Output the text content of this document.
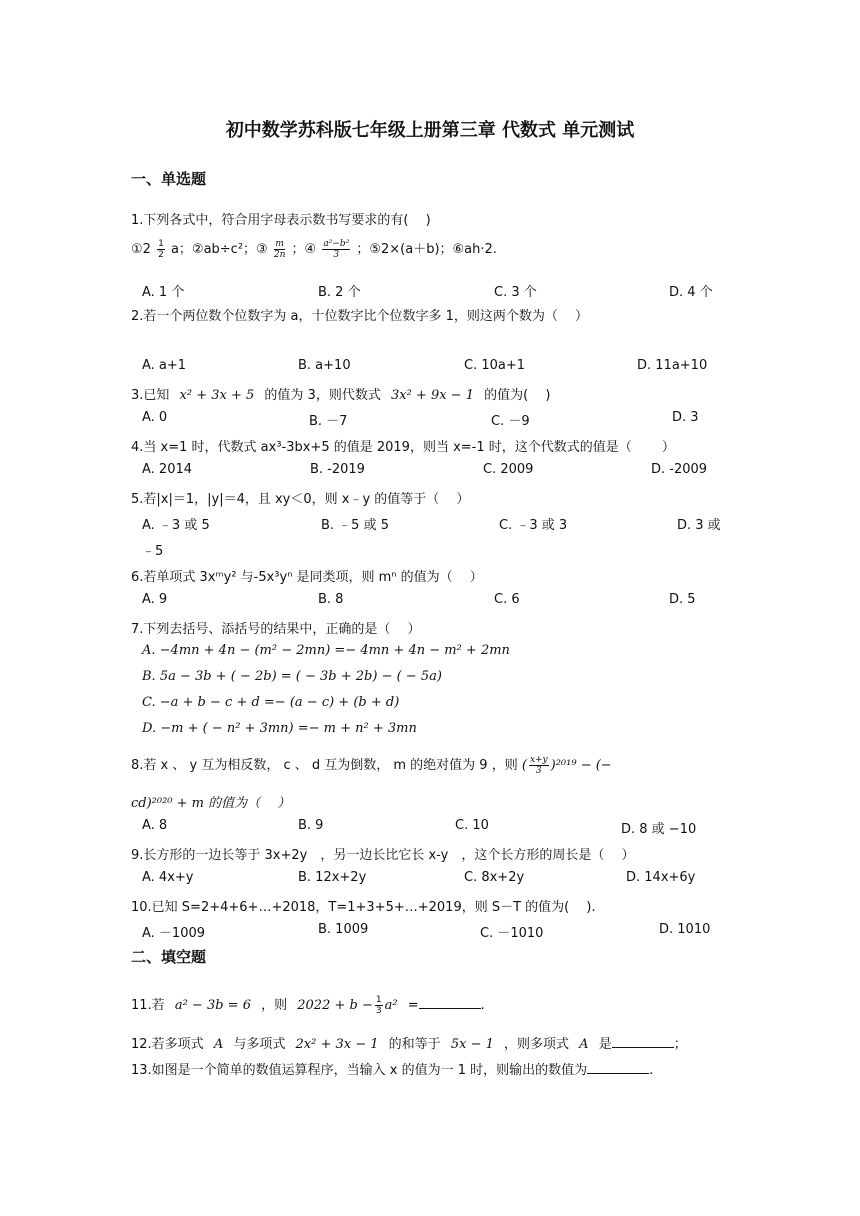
初中数学苏科版七年级上册第三章 代数式 单元测试
一、单选题
1.下列各式中，符合用字母表示数书写要求的有(　 )
①2 $\frac{1}{2}$ a；②ab÷c²；③ $\frac{m}{2n}$ ；④ $\frac{\text{a²−b²}}{3}$ ；⑤2×(a＋b)；⑥ah·2.
A. 1 个	B. 2 个	C. 3 个	D. 4 个
2.若一个两位数个位数字为 a，十位数字比个位数字多 1，则这两个数为（　 ）
A. a+1	B. a+10	C. 10a+1	D. 11a+10
3.已知 x² + 3x + 5 的值为 3，则代数式 3x² + 9x − 1 的值为(　 )
A. 0	B. －7	C. －9	D. 3
4.当 x=1 时，代数式 ax³-3bx+5 的值是 2019，则当 x=-1 时，这个代数式的值是（　　 ）
A. 2014	B. -2019	C. 2009	D. -2009
5.若|x|＝1，|y|＝4，且 xy＜0，则 x﹣y 的值等于（　 ）
A. ﹣3 或 5	B. ﹣5 或 5	C. ﹣3 或 3	D. 3 或
﹣5
6.若单项式 3xᵐy² 与-5x³yⁿ 是同类项，则 mⁿ 的值为（　 ）
A. 9	B. 8	C. 6	D. 5
7.下列去括号、添括号的结果中，正确的是（　 ）
A. −4mn + 4n − (m² − 2mn) =− 4mn + 4n − m² + 2mn
B. 5a − 3b + ( − 2b) = ( − 3b + 2b) − ( − 5a)
C. −a + b − c + d =− (a − c) + (b + d)
D. −m + ( − n² + 3mn) =− m + n² + 3mn
8.若 x 、 y 互为相反数， c 、 d 互为倒数， m 的绝对值为 9 ，则 ( $\frac{x+y}{3} )^{2019}$ − (−
cd)²⁰²⁰ + m 的值为（　 ）
A. 8	B. 9	C. 10	D. 8 或 −10
9.长方形的一边长等于 3x+2y　，另一边长比它长 x-y　，这个长方形的周长是（　 ）
A. 4x+y	B. 12x+2y	C. 8x+2y	D. 14x+6y
10.已知 S=2+4+6+…+2018，T=1+3+5+…+2019，则 S－T 的值为(　 ).
A. －1009	B. 1009	C. －1010	D. 1010
二、填空题
11.若 a² − 3b = 6 ，则 $2022 + b - \frac{1}{3} a^2$ =	.
12.若多项式 A 与多项式 2x² + 3x − 1 的和等于 5x − 1 ，则多项式 A 是	；
13.如图是一个简单的数值运算程序，当输入 x 的值为一 1 时，则输出的数值为	.
